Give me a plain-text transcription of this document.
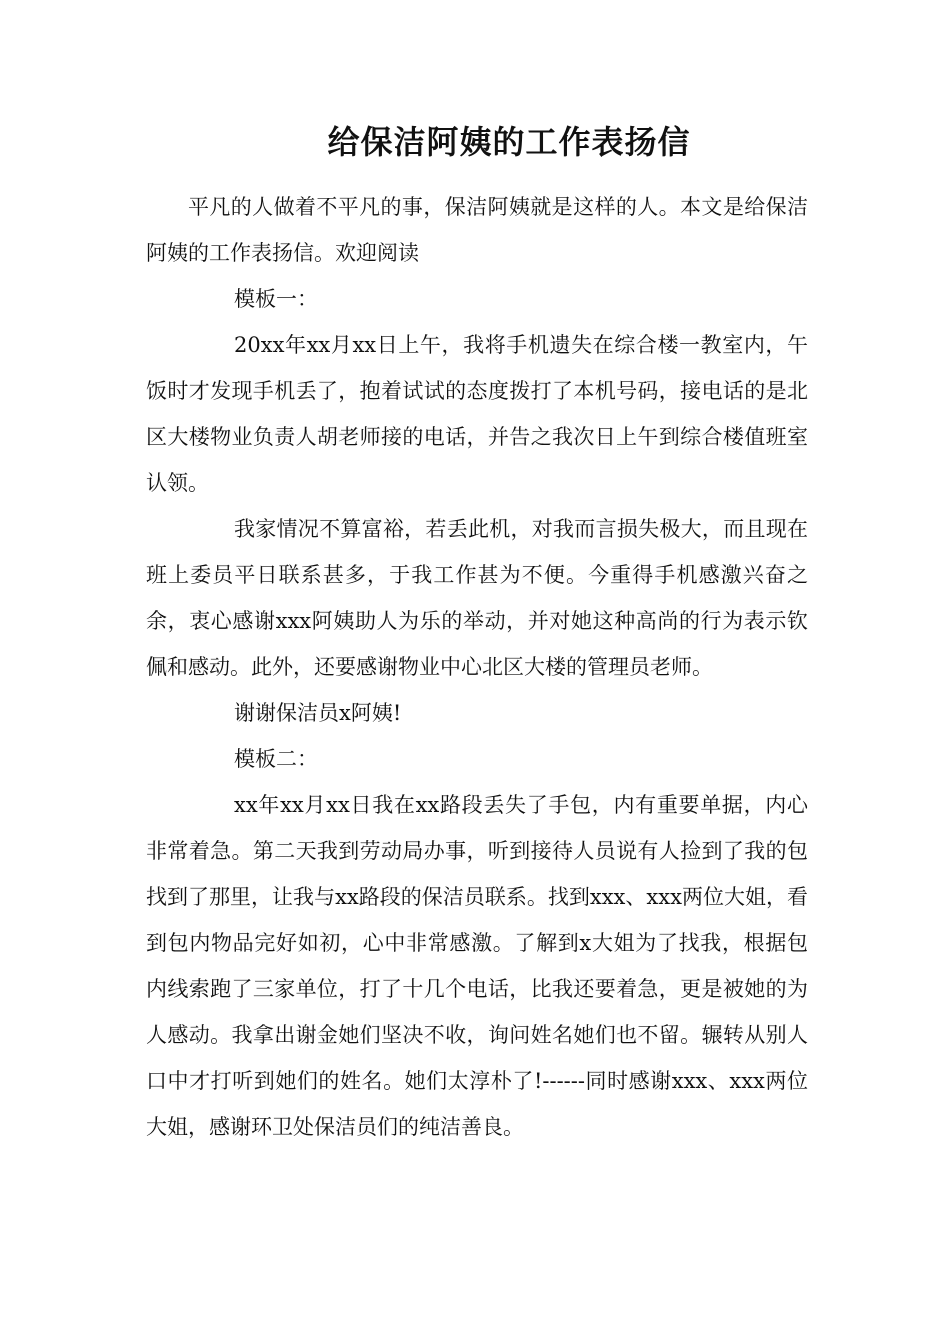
给保洁阿姨的工作表扬信

平凡的人做着不平凡的事，保洁阿姨就是这样的人。本文是给保洁阿姨的工作表扬信。欢迎阅读

模板一：

20xx年xx月xx日上午，我将手机遗失在综合楼一教室内，午饭时才发现手机丢了，抱着试试的态度拨打了本机号码，接电话的是北区大楼物业负责人胡老师接的电话，并告之我次日上午到综合楼值班室认领。

我家情况不算富裕，若丢此机，对我而言损失极大，而且现在班上委员平日联系甚多，于我工作甚为不便。今重得手机感激兴奋之余，衷心感谢xxx阿姨助人为乐的举动，并对她这种高尚的行为表示钦佩和感动。此外，还要感谢物业中心北区大楼的管理员老师。

谢谢保洁员x阿姨!

模板二：

xx年xx月xx日我在xx路段丢失了手包，内有重要单据，内心非常着急。第二天我到劳动局办事，听到接待人员说有人捡到了我的包找到了那里，让我与xx路段的保洁员联系。找到xxx、xxx两位大姐，看到包内物品完好如初，心中非常感激。了解到x大姐为了找我，根据包内线索跑了三家单位，打了十几个电话，比我还要着急，更是被她的为人感动。我拿出谢金她们坚决不收，询问姓名她们也不留。辗转从别人口中才打听到她们的姓名。她们太淳朴了!------同时感谢xxx、xxx两位大姐，感谢环卫处保洁员们的纯洁善良。
